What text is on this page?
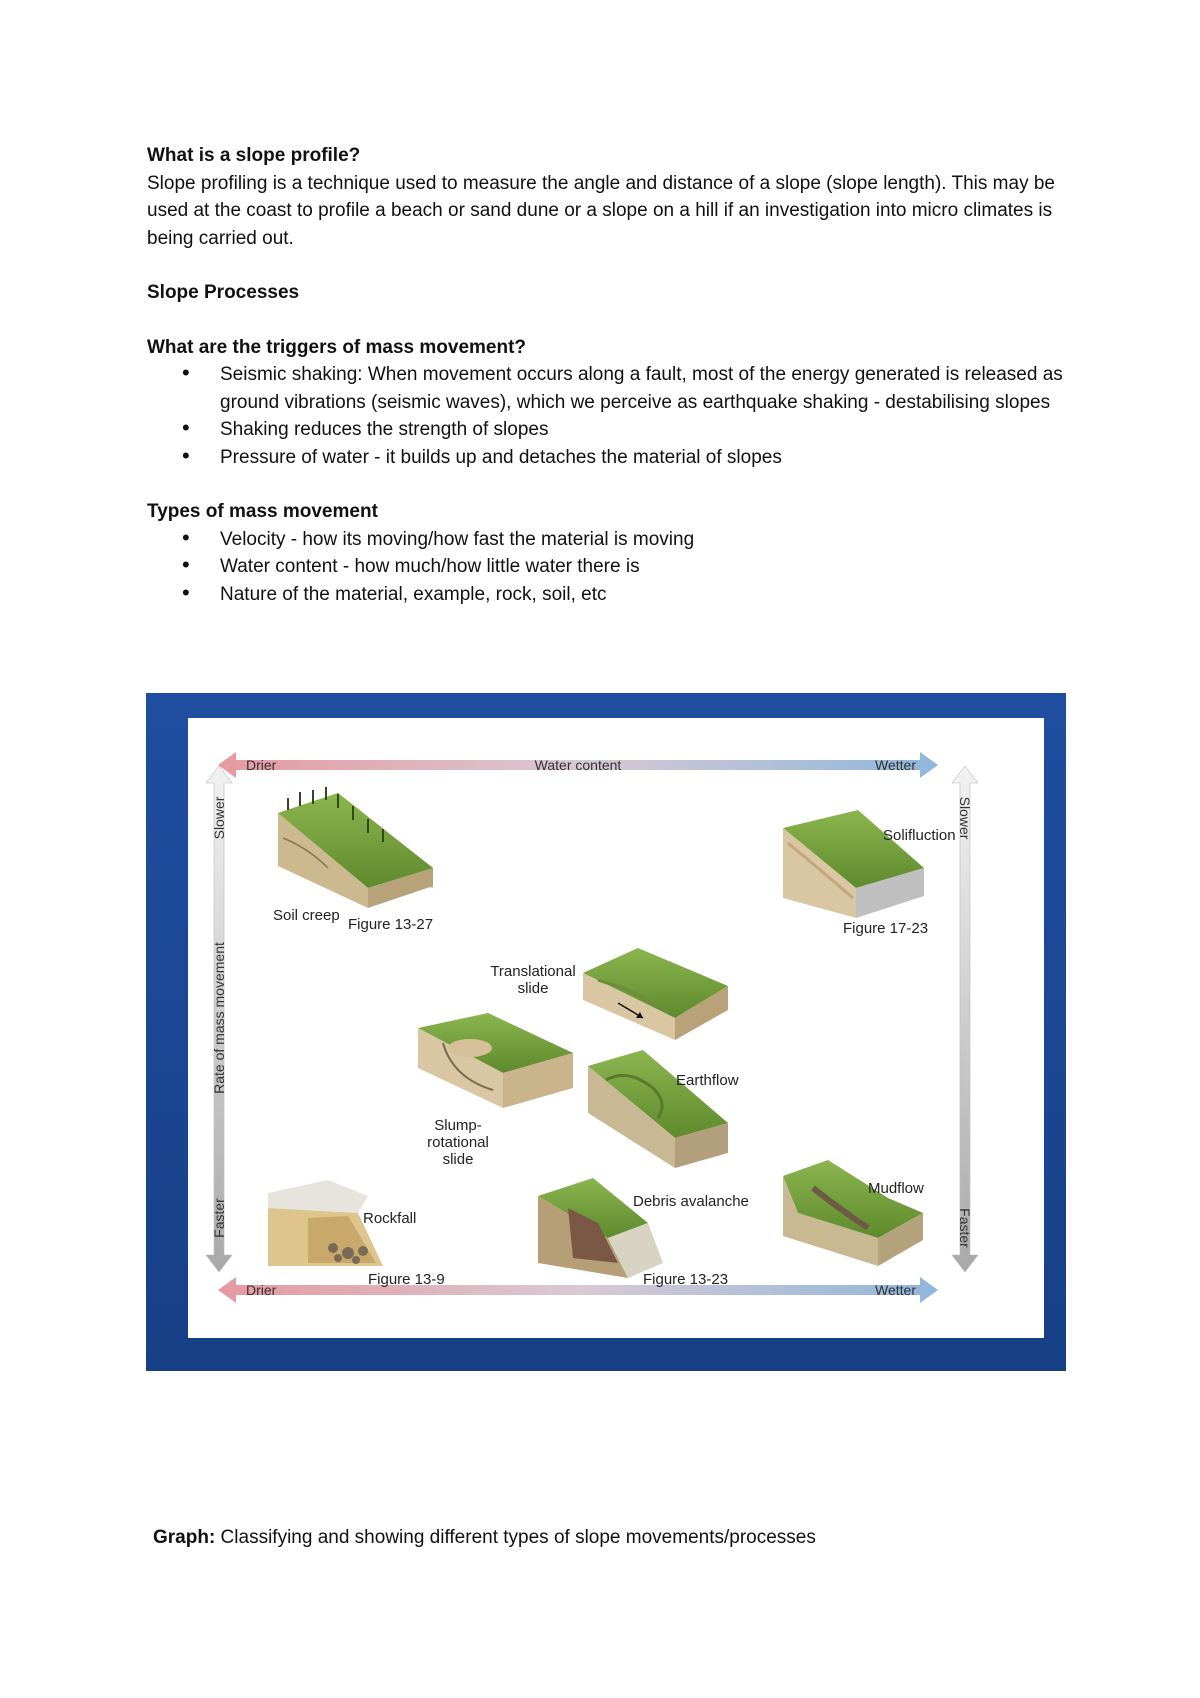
What is a slope profile?

Slope profiling is a technique used to measure the angle and distance of a slope (slope length). This may be used at the coast to profile a beach or sand dune or a slope on a hill if an investigation into micro climates is being carried out.

Slope Processes

What are the triggers of mass movement?

• Seismic shaking: When movement occurs along a fault, most of the energy generated is released as ground vibrations (seismic waves), which we perceive as earthquake shaking - destabilising slopes
• Shaking reduces the strength of slopes
• Pressure of water - it builds up and detaches the material of slopes

Types of mass movement

• Velocity - how its moving/how fast the material is moving
• Water content - how much/how little water there is
• Nature of the material, example, rock, soil, etc
Drier	Water content	Wetter
Drier	Wetter
Slower
Rate of mass movement
Faster
Slower
Faster
Soil creep
Figure 13-27
Solifluction
Figure 17-23
Translational
slide
Slump-
rotational
slide
Earthflow
Rockfall
Figure 13-9
Debris avalanche
Figure 13-23
Mudflow

Graph: Classifying and showing different types of slope movements/processes
